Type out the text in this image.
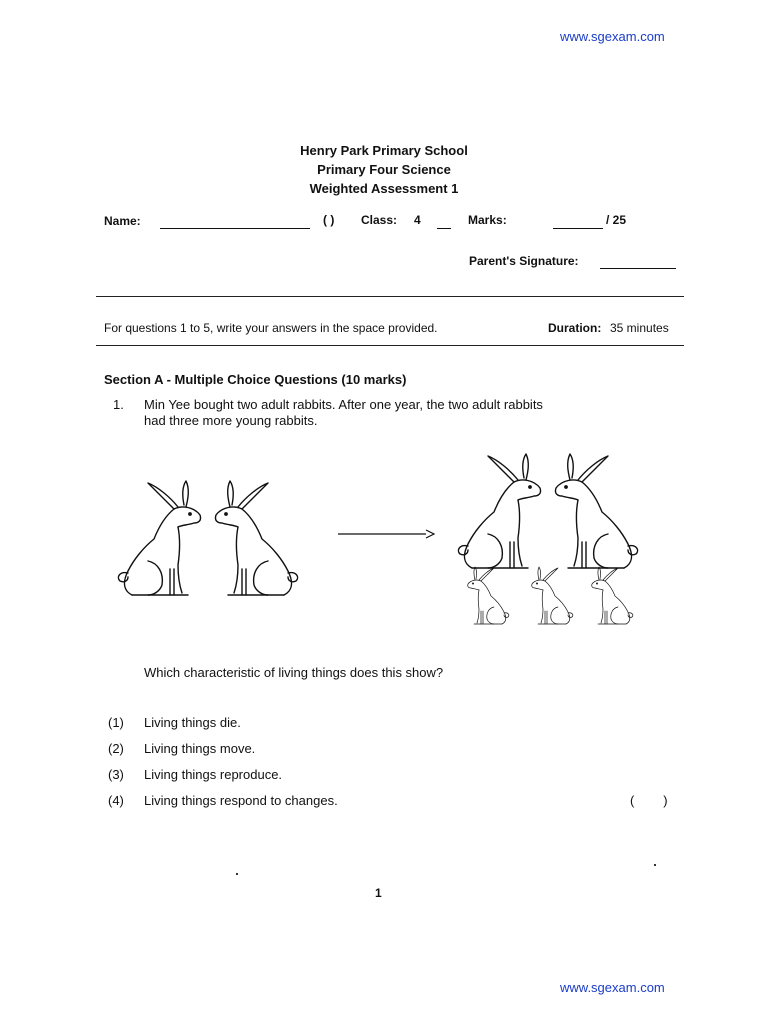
www.sgexam.com
Henry Park Primary School
Primary Four Science
Weighted Assessment 1
Name:	( ) Class: 4	Marks:	/ 25
Parent's Signature:
For questions 1 to 5, write your answers in the space provided.	Duration: 35 minutes
Section A - Multiple Choice Questions (10 marks)
1. Min Yee bought two adult rabbits. After one year, the two adult rabbits
had three more young rabbits.
Which characteristic of living things does this show?
(1) Living things die.
(2) Living things move.
(3) Living things reproduce.
(4) Living things respond to changes.	(        )
1
www.sgexam.com
